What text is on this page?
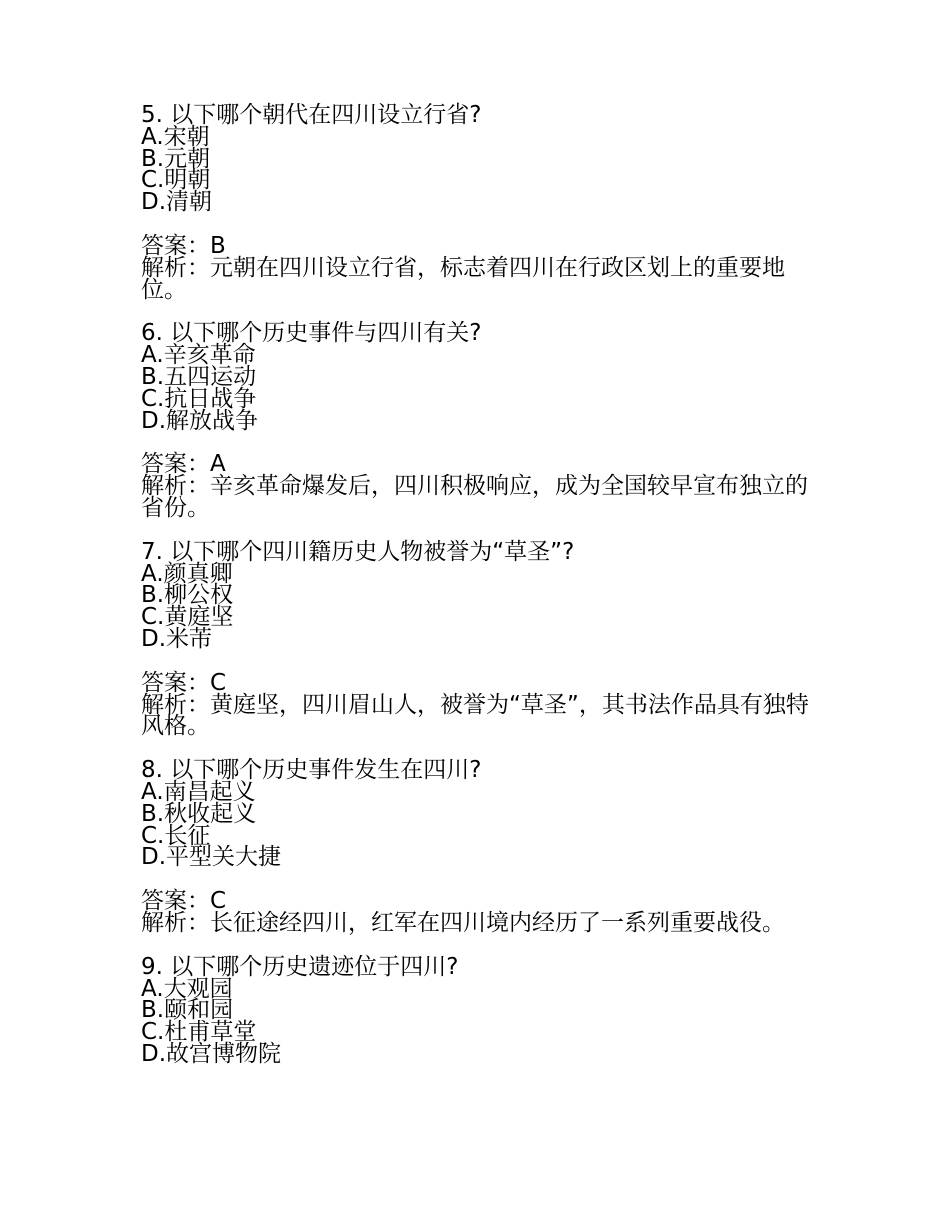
5. 以下哪个朝代在四川设立行省?
A.宋朝
B.元朝
C.明朝
D.清朝
答案：B
解析：元朝在四川设立行省，标志着四川在行政区划上的重要地位。
6. 以下哪个历史事件与四川有关?
A.辛亥革命
B.五四运动
C.抗日战争
D.解放战争
答案：A
解析：辛亥革命爆发后，四川积极响应，成为全国较早宣布独立的省份。
7. 以下哪个四川籍历史人物被誉为“草圣”?
A.颜真卿
B.柳公权
C.黄庭坚
D.米芾
答案：C
解析：黄庭坚，四川眉山人，被誉为“草圣”，其书法作品具有独特风格。
8. 以下哪个历史事件发生在四川?
A.南昌起义
B.秋收起义
C.长征
D.平型关大捷
答案：C
解析：长征途经四川，红军在四川境内经历了一系列重要战役。
9. 以下哪个历史遗迹位于四川?
A.大观园
B.颐和园
C.杜甫草堂
D.故宫博物院
